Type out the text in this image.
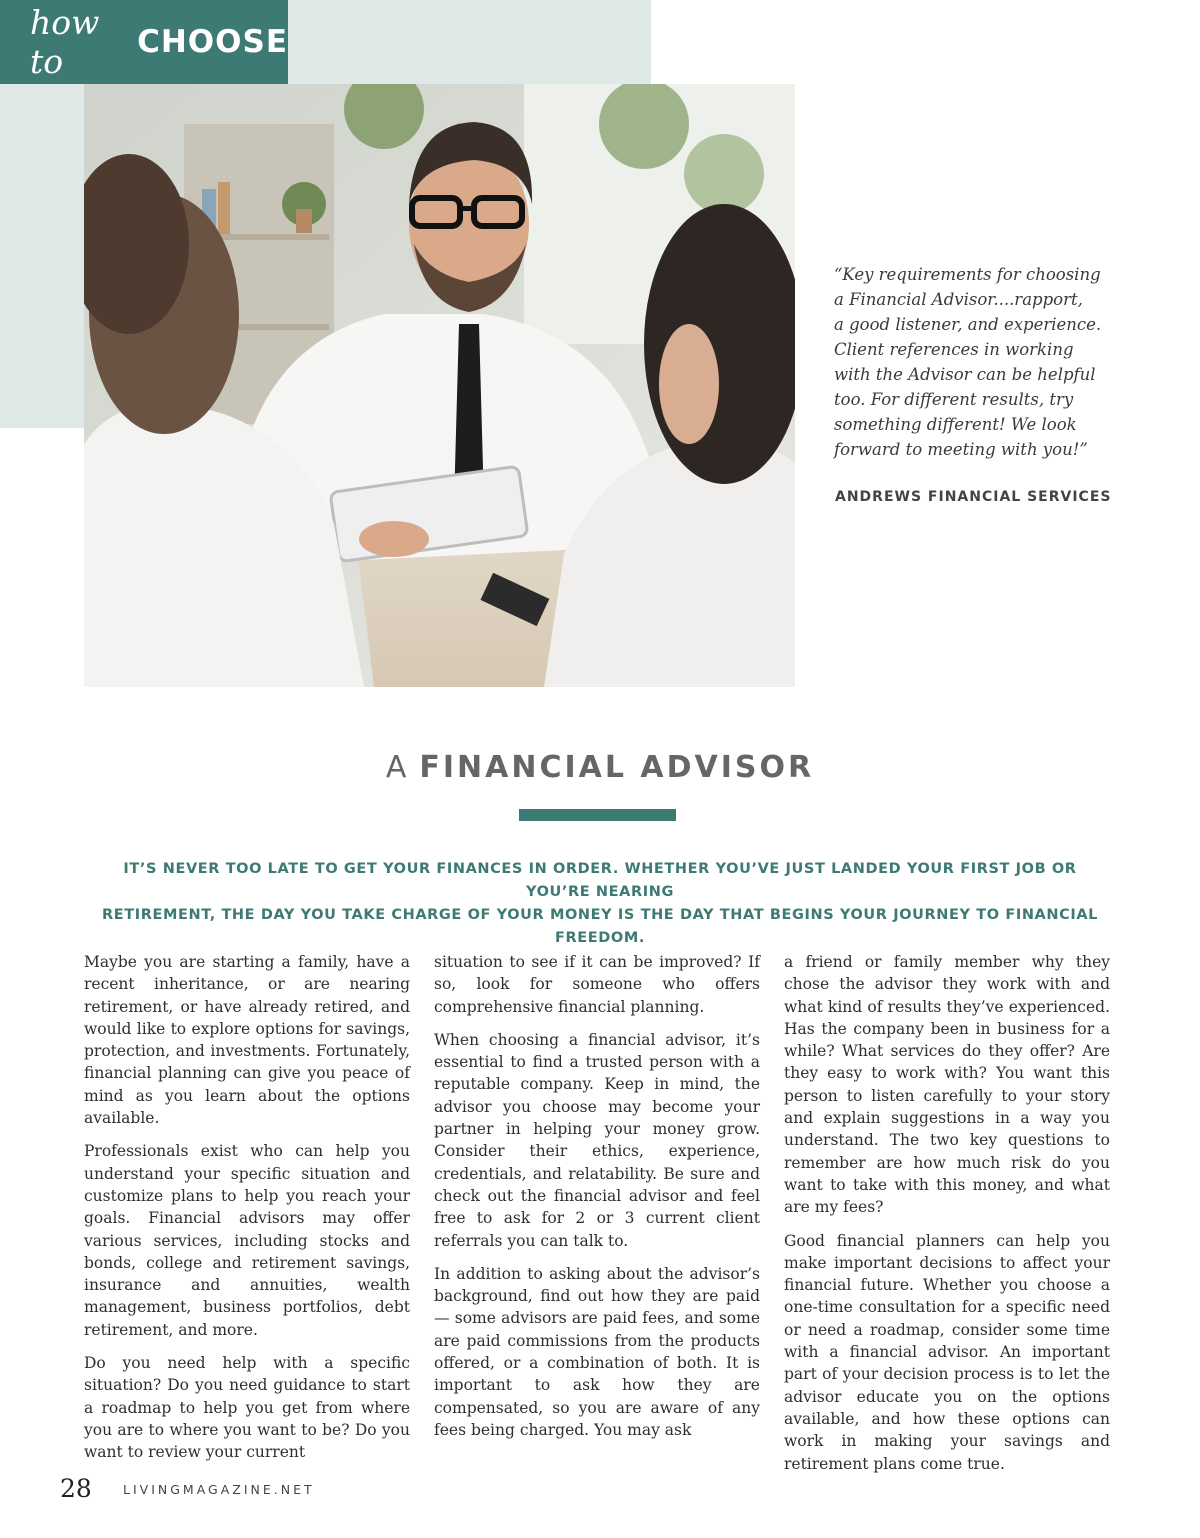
how to	CHOOSE
“Key requirements for choosing
a Financial Advisor....rapport,
a good listener, and experience.
Client references in working
with the Advisor can be helpful
too. For different results, try
something different! We look
forward to meeting with you!”
ANDREWS FINANCIAL SERVICES
A FINANCIAL ADVISOR
IT’S NEVER TOO LATE TO GET YOUR FINANCES IN ORDER. WHETHER YOU’VE JUST LANDED YOUR FIRST JOB OR YOU’RE NEARING
RETIREMENT, THE DAY YOU TAKE CHARGE OF YOUR MONEY IS THE DAY THAT BEGINS YOUR JOURNEY TO FINANCIAL FREEDOM.

Maybe you are starting a family, have a recent inheritance, or are nearing retirement, or have already retired, and would like to explore options for savings, protection, and investments. Fortunately, financial planning can give you peace of mind as you learn about the options available.

Professionals exist who can help you understand your specific situation and customize plans to help you reach your goals. Financial advisors may offer various services, including stocks and bonds, college and retirement savings, insurance and annuities, wealth management, business portfolios, debt retirement, and more.

Do you need help with a specific situation? Do you need guidance to start a roadmap to help you get from where you are to where you want to be? Do you want to review your current

situation to see if it can be improved? If so, look for someone who offers comprehensive financial planning.

When choosing a financial advisor, it’s essential to find a trusted person with a reputable company. Keep in mind, the advisor you choose may become your partner in helping your money grow. Consider their ethics, experience, credentials, and relatability. Be sure and check out the financial advisor and feel free to ask for 2 or 3 current client referrals you can talk to.

In addition to asking about the advisor’s background, find out how they are paid — some advisors are paid fees, and some are paid commissions from the products offered, or a combination of both. It is important to ask how they are compensated, so you are aware of any fees being charged. You may ask

a friend or family member why they chose the advisor they work with and what kind of results they’ve experienced. Has the company been in business for a while? What services do they offer? Are they easy to work with? You want this person to listen carefully to your story and explain suggestions in a way you understand. The two key questions to remember are how much risk do you want to take with this money, and what are my fees?

Good financial planners can help you make important decisions to affect your financial future. Whether you choose a one-time consultation for a specific need or need a roadmap, consider some time with a financial advisor. An important part of your decision process is to let the advisor educate you on the options available, and how these options can work in making your savings and retirement plans come true.

28 LIVINGMAGAZINE.NET
